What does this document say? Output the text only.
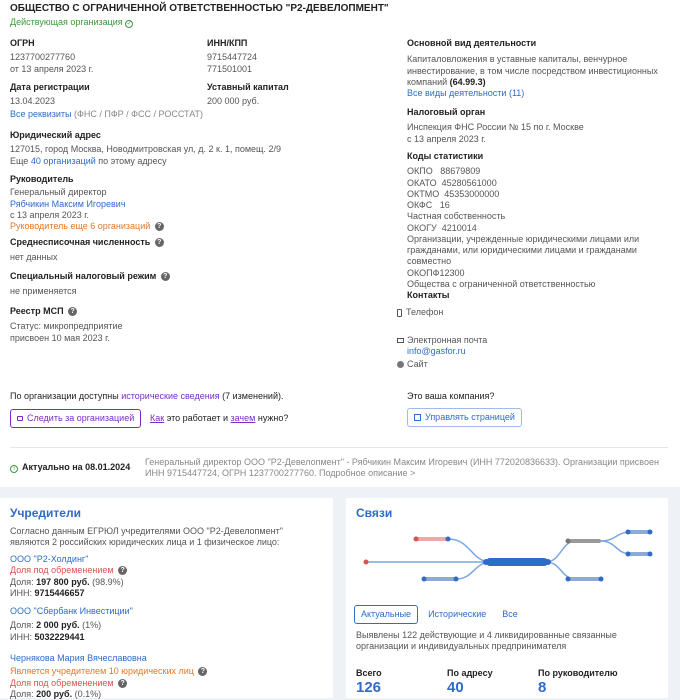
ОБЩЕСТВО С ОГРАНИЧЕННОЙ ОТВЕТСТВЕННОСТЬЮ "Р2-ДЕВЕЛОПМЕНТ"
Действующая организация ✓
ОГРН
1237700277760
от 13 апреля 2023 г.
ИНН/КПП
9715447724
771501001
Дата регистрации
13.04.2023
Уставный капитал
200 000 руб.
Все реквизиты (ФНС / ПФР / ФСС / РОССТАТ)
Юридический адрес
127015, город Москва, Новодмитровская ул, д. 2 к. 1, помещ. 2/9
Еще 40 организаций по этому адресу
Руководитель
Генеральный директор
Рябчикин Максим Игоревич
с 13 апреля 2023 г.
Руководитель еще 6 организаций ?
Среднесписочная численность ?
нет данных
Специальный налоговый режим ?
не применяется
Реестр МСП ?
Статус: микропредприятие
присвоен 10 мая 2023 г.
Основной вид деятельности
Капиталовложения в уставные капиталы, венчурное
инвестирование, в том числе посредством инвестиционных
компаний (64.99.3)
Все виды деятельности (11)
Налоговый орган
Инспекция ФНС России № 15 по г. Москве
с 13 апреля 2023 г.
Коды статистики
ОКПО   88679809
ОКАТО  45280561000
ОКТМО  45353000000
ОКФС   16
Частная собственность
ОКОГУ  4210014
Организации, учрежденные юридическими лицами или
гражданами, или юридическими лицами и гражданами
совместно
ОКОПФ12300
Общества с ограниченной ответственностью
Контакты
Телефон
Электронная почта
info@gasfor.ru
Сайт
По организации доступны исторические сведения (7 изменений).
Следить за организацией	Как это работает и зачем нужно?
Это ваша компания?
Управлять страницей
i Актуально на 08.01.2024 Генеральный директор ООО "Р2-Девелопмент" - Рябчикин Максим Игоревич (ИНН 772020836633). Организации присвоен
ИНН 9715447724, ОГРН 1237700277760. Подробное описание >
Учредители
Согласно данным ЕГРЮЛ учредителями ООО "Р2-Девелопмент"
являются 2 российских юридических лица и 1 физическое лицо:
ООО "Р2-Холдинг"
Доля под обременением ?
Доля: 197 800 руб. (98.9%)
ИНН: 9715446657
ООО "Сбербанк Инвестиции"
Доля: 2 000 руб. (1%)
ИНН: 5032229441
Чернякова Мария Вячеславовна
Является учредителем 10 юридических лиц ?
Доля под обременением ?
Доля: 200 руб. (0.1%)
Связи
Актуальные Исторические Все
Выявлены 122 действующие и 4 ликвидированные связанные
организации и индивидуальных предпринимателя
Всего
126
По адресу
40
По руководителю
8
